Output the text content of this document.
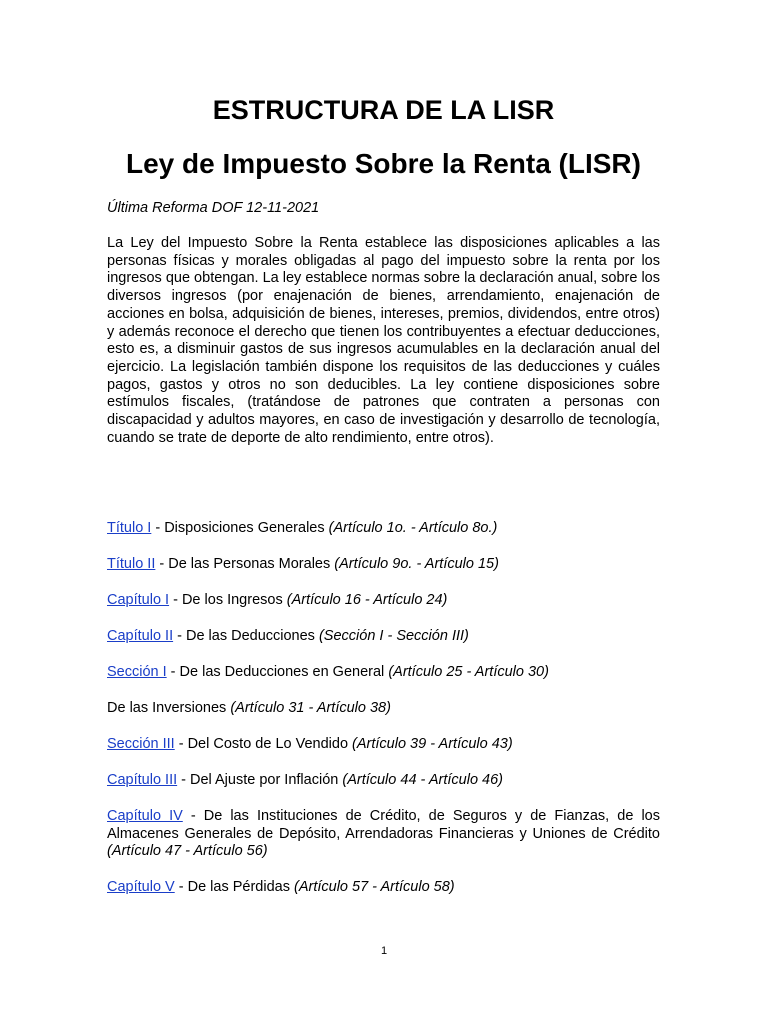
ESTRUCTURA DE LA LISR
Ley de Impuesto Sobre la Renta (LISR)
Última Reforma DOF 12-11-2021

La Ley del Impuesto Sobre la Renta establece las disposiciones aplicables a las personas físicas y morales obligadas al pago del impuesto sobre la renta por los ingresos que obtengan. La ley establece normas sobre la declaración anual, sobre los diversos ingresos (por enajenación de bienes, arrendamiento, enajenación de acciones en bolsa, adquisición de bienes, intereses, premios, dividendos, entre otros) y además reconoce el derecho que tienen los contribuyentes a efectuar deducciones, esto es, a disminuir gastos de sus ingresos acumulables en la declaración anual del ejercicio. La legislación también dispone los requisitos de las deducciones y cuáles pagos, gastos y otros no son deducibles. La ley contiene disposiciones sobre estímulos fiscales, (tratándose de patrones que contraten a personas con discapacidad y adultos mayores, en caso de investigación y desarrollo de tecnología, cuando se trate de deporte de alto rendimiento, entre otros).

Título I - Disposiciones Generales (Artículo 1o. - Artículo 8o.)

Título II - De las Personas Morales (Artículo 9o. - Artículo 15)

Capítulo I - De los Ingresos (Artículo 16 - Artículo 24)

Capítulo II - De las Deducciones (Sección I - Sección III)

Sección I - De las Deducciones en General (Artículo 25 - Artículo 30)

De las Inversiones (Artículo 31 - Artículo 38)

Sección III - Del Costo de Lo Vendido (Artículo 39 - Artículo 43)

Capítulo III - Del Ajuste por Inflación (Artículo 44 - Artículo 46)

Capítulo IV - De las Instituciones de Crédito, de Seguros y de Fianzas, de los Almacenes Generales de Depósito, Arrendadoras Financieras y Uniones de Crédito (Artículo 47 - Artículo 56)

Capítulo V - De las Pérdidas (Artículo 57 - Artículo 58)

1
